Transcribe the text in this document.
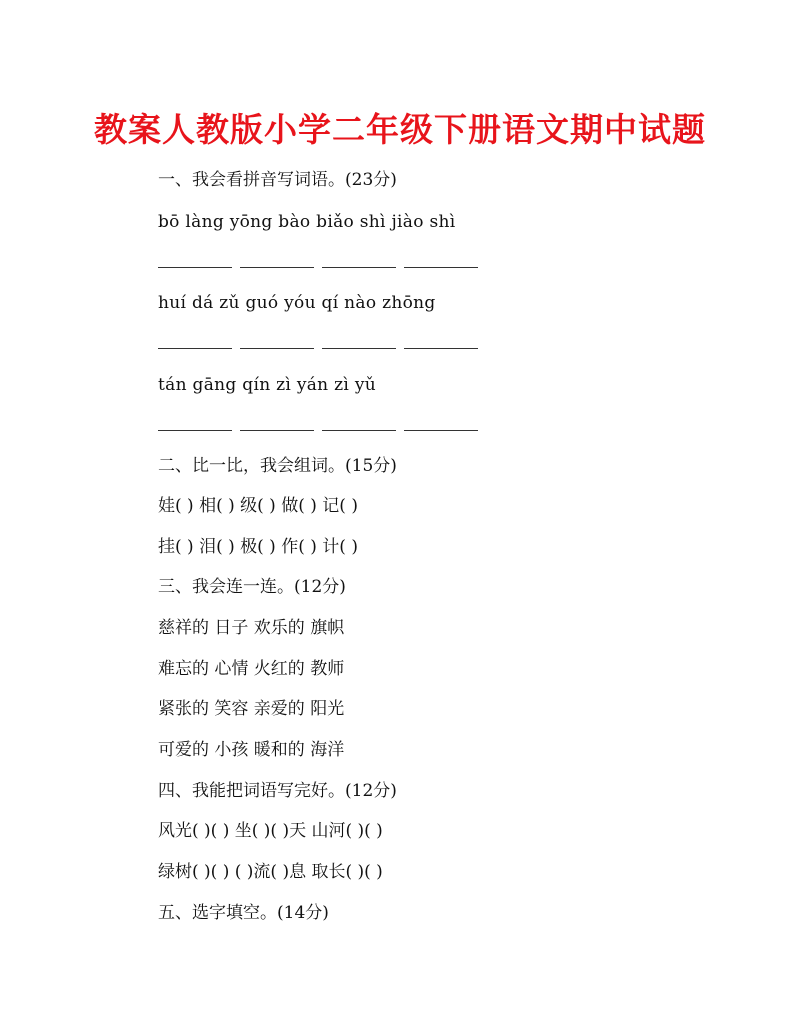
教案人教版小学二年级下册语文期中试题
一、我会看拼音写词语。(23分)
bō làng yōng bào biǎo shì jiào shì
huí dá zǔ guó yóu qí nào zhōng
tán gāng qín zì yán zì yǔ
二、比一比，我会组词。(15分)
娃( ) 相( ) 级( ) 做( ) 记( )
挂( ) 泪( ) 极( ) 作( ) 计( )
三、我会连一连。(12分)
慈祥的 日子 欢乐的 旗帜
难忘的 心情 火红的 教师
紧张的 笑容 亲爱的 阳光
可爱的 小孩 暖和的 海洋
四、我能把词语写完好。(12分)
风光( )( ) 坐( )( )天 山河( )( )
绿树( )( ) ( )流( )息 取长( )( )
五、选字填空。(14分)
